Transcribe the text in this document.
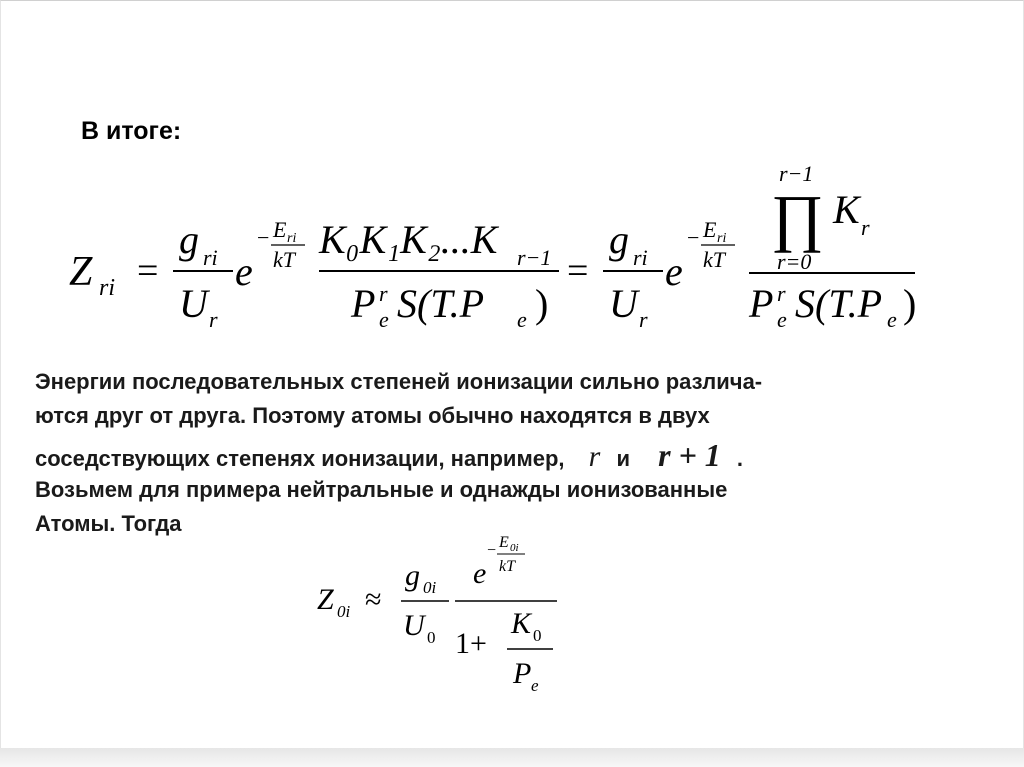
В итоге:
Z ri =
g ri
U r
e
− E ri
kT K₀K₁K₂...K r−1
P r
e S(T.P e )
=
g ri
U r
e
− E ri
kT
r−1
∏ K r
r=0
P r
e S(T.P e )
Энергии последовательных степеней ионизации сильно различа-
ются друг от друга. Поэтому атомы обычно находятся в двух
соседствующих степенях ионизации, например, r и r + 1 .
Возьмем для примера нейтральные и однажды ионизованные
Атомы. Тогда
Z 0i ≈
g 0i
U 0
e
− E 0i
kT
1+
K 0
P e
